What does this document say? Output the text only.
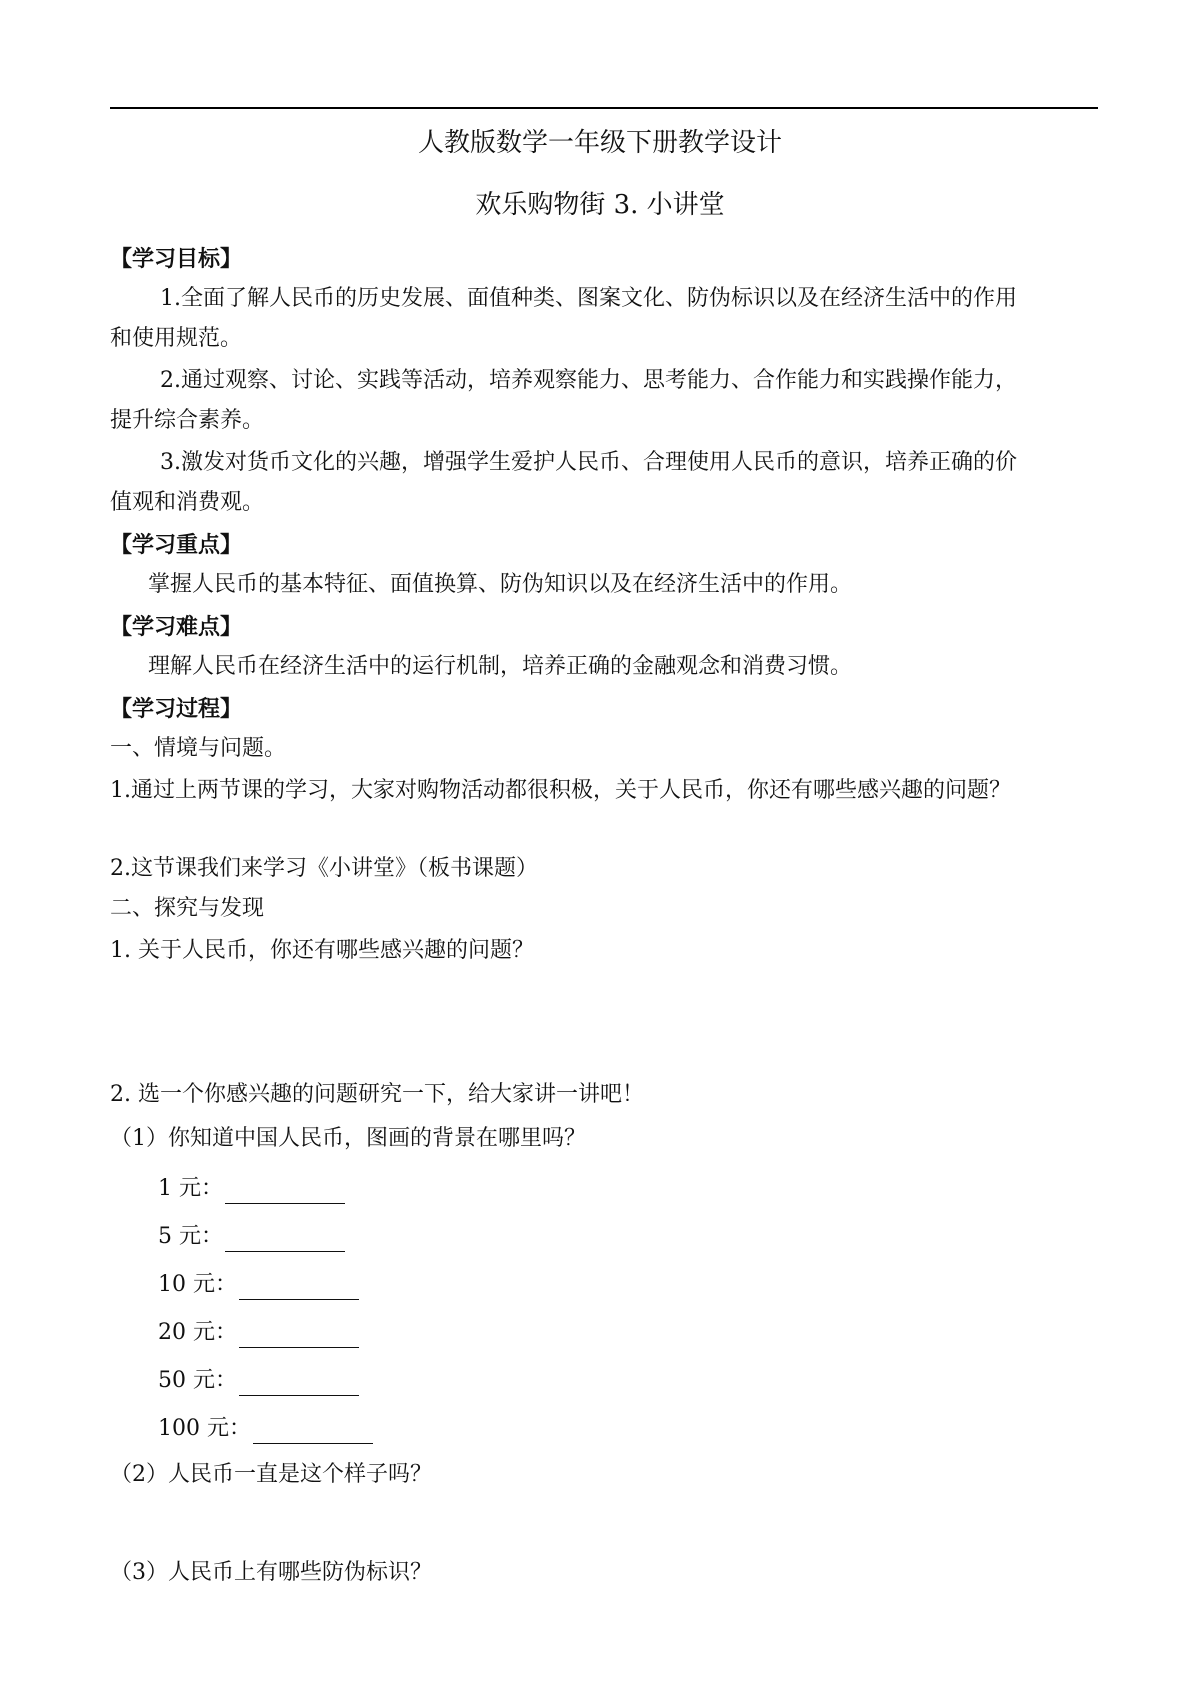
人教版数学一年级下册教学设计
欢乐购物街 3. 小讲堂
【学习目标】
1.全面了解人民币的历史发展、面值种类、图案文化、防伪标识以及在经济生活中的作用
和使用规范。
2.通过观察、讨论、实践等活动，培养观察能力、思考能力、合作能力和实践操作能力，
提升综合素养。
3.激发对货币文化的兴趣，增强学生爱护人民币、合理使用人民币的意识，培养正确的价
值观和消费观。
【学习重点】
掌握人民币的基本特征、面值换算、防伪知识以及在经济生活中的作用。
【学习难点】
理解人民币在经济生活中的运行机制，培养正确的金融观念和消费习惯。
【学习过程】
一、情境与问题。
1.通过上两节课的学习，大家对购物活动都很积极，关于人民币，你还有哪些感兴趣的问题？
2.这节课我们来学习《小讲堂》（板书课题）
二、探究与发现
1. 关于人民币，你还有哪些感兴趣的问题？
2. 选一个你感兴趣的问题研究一下，给大家讲一讲吧！
（1）你知道中国人民币，图画的背景在哪里吗？
1 元：
5 元：
10 元：
20 元：
50 元：
100 元：
（2）人民币一直是这个样子吗？
（3）人民币上有哪些防伪标识？
